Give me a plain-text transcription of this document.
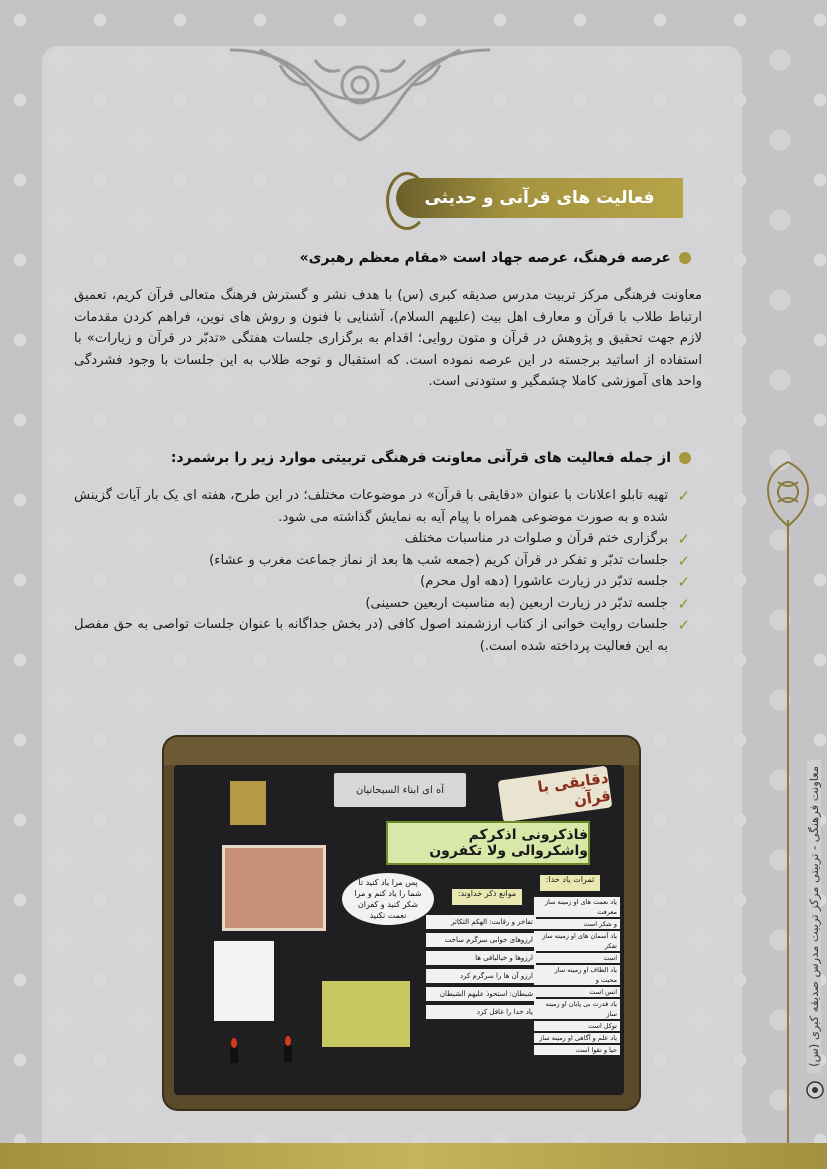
معاونت فرهنگی - تربیتی مرکز تربیت مدرس صدیقه کبری (س)
فعالیت های قرآنی و حدیثی
عرصه فرهنگ، عرصه جهاد است «مقام معظم رهبری»
معاونت فرهنگی مرکز تربیت مدرس صدیقه کبری (س) با هدف نشر و گسترش فرهنگ متعالی قرآن کریم، تعمیق ارتباط طلاب با قرآن و معارف اهل بیت (علیهم السلام)، آشنایی با فنون و روش های نوین، فراهم کردن مقدمات لازم جهت تحقیق و پژوهش در قرآن و متون روایی؛ اقدام به برگزاری جلسات هفتگی «تدبّر در قرآن و زیارات» با استفاده از اساتید برجسته در این عرصه نموده است. که استقبال و توجه طلاب به این جلسات با وجود فشردگی واحد های آموزشی کاملا چشمگیر و ستودنی است.
از جمله فعالیت های قرآنی معاونت فرهنگی تربیتی موارد زیر را برشمرد:
✓
تهیه تابلو اعلانات با عنوان «دقایقی با قرآن» در موضوعات مختلف؛ در این طرح، هفته ای یک بار آیات گزینش شده و به صورت موضوعی همراه با پیام آیه به نمایش گذاشته می شود.
✓
برگزاری ختم قرآن و صلوات در مناسبات مختلف
✓
جلسات تدبّر و تفکر در قرآن کریم (جمعه شب ها بعد از نماز جماعت مغرب و عشاء)
✓
جلسه تدبّر در زیارت عاشورا (دهه اول محرم)
✓
جلسه تدبّر در زیارت اربعین (به مناسبت اربعین حسینی)
✓
جلسات روایت خوانی از کتاب ارزشمند اصول کافی (در بخش جداگانه با عنوان جلسات تواصی به حق مفصل به این فعالیت پرداخته شده است.)
دقایقی با قرآن
آه ای ابناء السبحانیان
فاذکرونی اذکرکم واشکروالی ولا تکفرون
پس مرا یاد کنید تا شما را یاد کنم و مرا شکر کنید و کفران نعمت نکنید
موانع ذکر خداوند:
ثمرات یاد خدا:
تفاخر و رقابت: الهکم التکاثر
ارزوهای خوابی سرگرم ساخت
ارزوها و خیالبافی ها
ارزو آن ها را سرگرم کرد
شیطان: استحوذ علیهم الشیطان
یاد خدا را غافل کرد
یاد نعمت های او زمینه ساز معرفت
و شکر است
یاد آسمان های او زمینه ساز تفکر
است
یاد الطاف او زمینه ساز محبت و
انس است
یاد قدرت بی پایان او زمینه ساز
توکل است
یاد علم و آگاهی او زمینه ساز
حیا و تقوا است
